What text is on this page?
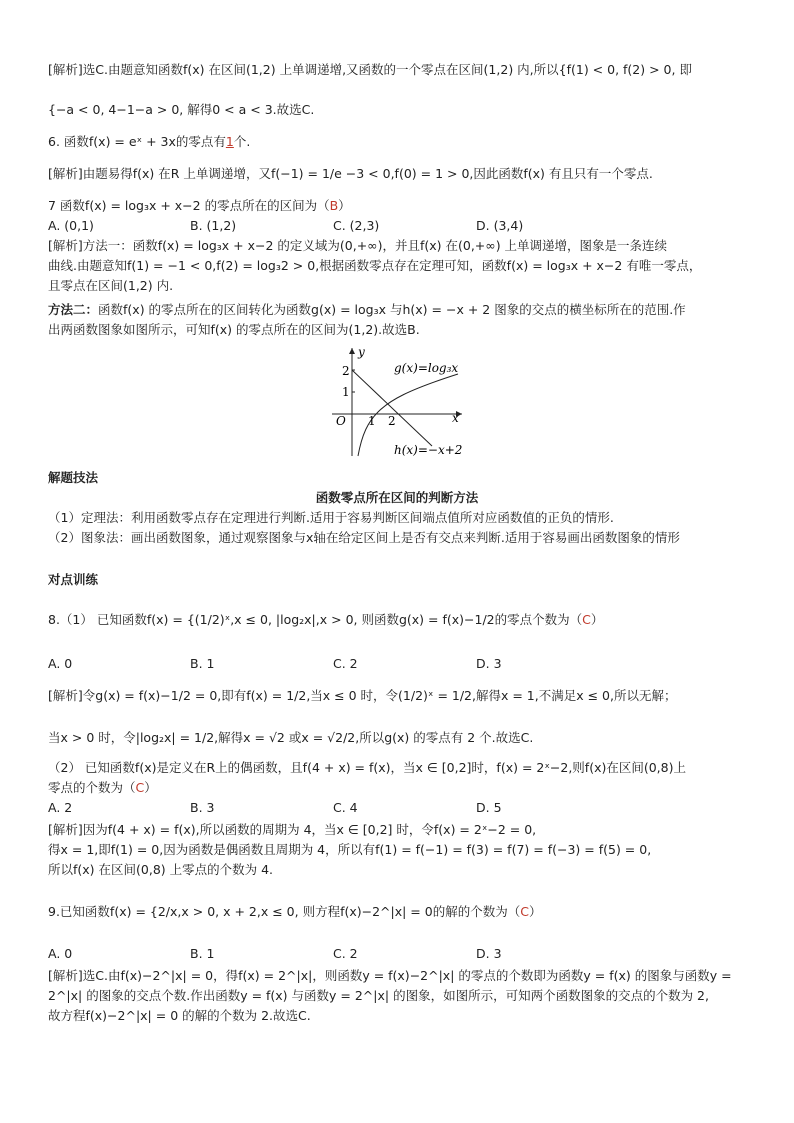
[解析]选C.由题意知函数f(x) 在区间(1,2) 上单调递增,又函数的一个零点在区间(1,2) 内,所以{f(1) < 0, f(2) > 0, 即
{−a < 0, 4−1−a > 0, 解得0 < a < 3.故选C.
6. 函数f(x) = eˣ + 3x的零点有1个.
[解析]由题易得f(x) 在R 上单调递增，又f(−1) = 1/e −3 < 0,f(0) = 1 > 0,因此函数f(x) 有且只有一个零点.
7 函数f(x) = log₃x + x−2 的零点所在的区间为（B）
A. (0,1)	B. (1,2)	C. (2,3)	D. (3,4)
[解析]方法一：函数f(x) = log₃x + x−2 的定义域为(0,+∞)，并且f(x) 在(0,+∞) 上单调递增，图象是一条连续
曲线.由题意知f(1) = −1 < 0,f(2) = log₃2 > 0,根据函数零点存在定理可知，函数f(x) = log₃x + x−2 有唯一零点，
且零点在区间(1,2) 内.
方法二：函数f(x) 的零点所在的区间转化为函数g(x) = log₃x 与h(x) = −x + 2 图象的交点的横坐标所在的范围.作
出两函数图象如图所示，可知f(x) 的零点所在的区间为(1,2).故选B.
2
1
O 1 2
y
x
g(x)=log₃x
h(x)=−x+2
解题技法
函数零点所在区间的判断方法
（1）定理法：利用函数零点存在定理进行判断.适用于容易判断区间端点值所对应函数值的正负的情形.
（2）图象法：画出函数图象，通过观察图象与x轴在给定区间上是否有交点来判断.适用于容易画出函数图象的情形
对点训练
8.（1） 已知函数f(x) = {(1/2)ˣ,x ≤ 0, |log₂x|,x > 0, 则函数g(x) = f(x)−1/2的零点个数为（C）
A. 0	B. 1	C. 2	D. 3
[解析]令g(x) = f(x)−1/2 = 0,即有f(x) = 1/2,当x ≤ 0 时，令(1/2)ˣ = 1/2,解得x = 1,不满足x ≤ 0,所以无解；
当x > 0 时，令|log₂x| = 1/2,解得x = √2 或x = √2/2,所以g(x) 的零点有 2 个.故选C.
（2） 已知函数f(x)是定义在R上的偶函数，且f(4 + x) = f(x)，当x ∈ [0,2]时，f(x) = 2ˣ−2,则f(x)在区间(0,8)上
零点的个数为（C）
A. 2	B. 3	C. 4	D. 5
[解析]因为f(4 + x) = f(x),所以函数的周期为 4，当x ∈ [0,2] 时，令f(x) = 2ˣ−2 = 0,
得x = 1,即f(1) = 0,因为函数是偶函数且周期为 4，所以有f(1) = f(−1) = f(3) = f(7) = f(−3) = f(5) = 0,
所以f(x) 在区间(0,8) 上零点的个数为 4.
9.已知函数f(x) = {2/x,x > 0, x + 2,x ≤ 0, 则方程f(x)−2^|x| = 0的解的个数为（C）
A. 0	B. 1	C. 2	D. 3
[解析]选C.由f(x)−2^|x| = 0，得f(x) = 2^|x|，则函数y = f(x)−2^|x| 的零点的个数即为函数y = f(x) 的图象与函数y =
2^|x| 的图象的交点个数.作出函数y = f(x) 与函数y = 2^|x| 的图象，如图所示，可知两个函数图象的交点的个数为 2,
故方程f(x)−2^|x| = 0 的解的个数为 2.故选C.
